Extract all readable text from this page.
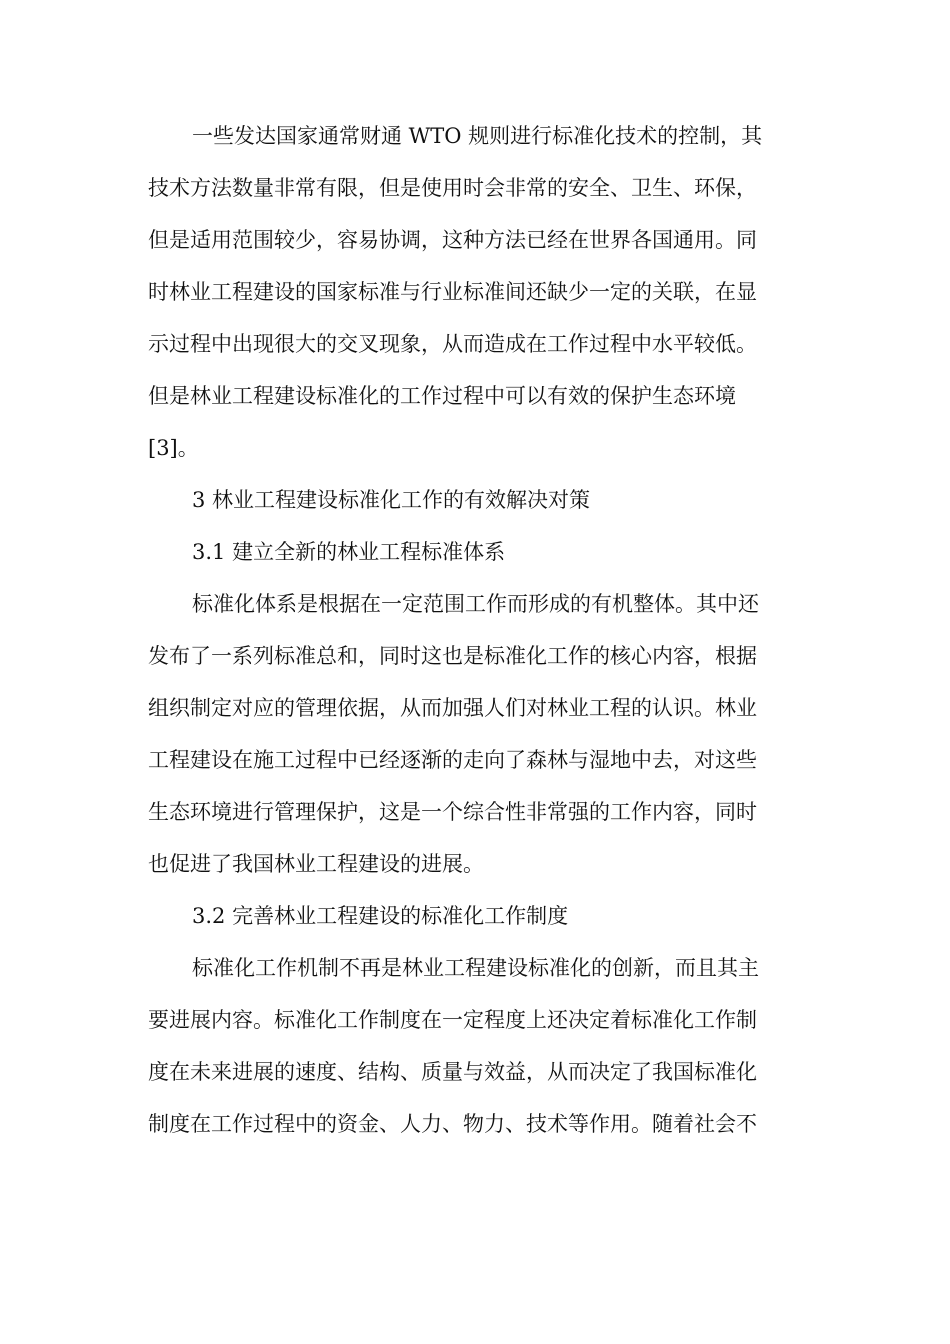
一些发达国家通常财通 WTO 规则进行标准化技术的控制，其
技术方法数量非常有限，但是使用时会非常的安全、卫生、环保，
但是适用范围较少，容易协调，这种方法已经在世界各国通用。同
时林业工程建设的国家标准与行业标准间还缺少一定的关联，在显
示过程中出现很大的交叉现象，从而造成在工作过程中水平较低。
但是林业工程建设标准化的工作过程中可以有效的保护生态环境
[3]。
3 林业工程建设标准化工作的有效解决对策
3.1 建立全新的林业工程标准体系
标准化体系是根据在一定范围工作而形成的有机整体。其中还
发布了一系列标准总和，同时这也是标准化工作的核心内容，根据
组织制定对应的管理依据，从而加强人们对林业工程的认识。林业
工程建设在施工过程中已经逐渐的走向了森林与湿地中去，对这些
生态环境进行管理保护，这是一个综合性非常强的工作内容，同时
也促进了我国林业工程建设的进展。
3.2 完善林业工程建设的标准化工作制度
标准化工作机制不再是林业工程建设标准化的创新，而且其主
要进展内容。标准化工作制度在一定程度上还决定着标准化工作制
度在未来进展的速度、结构、质量与效益，从而决定了我国标准化
制度在工作过程中的资金、人力、物力、技术等作用。随着社会不
